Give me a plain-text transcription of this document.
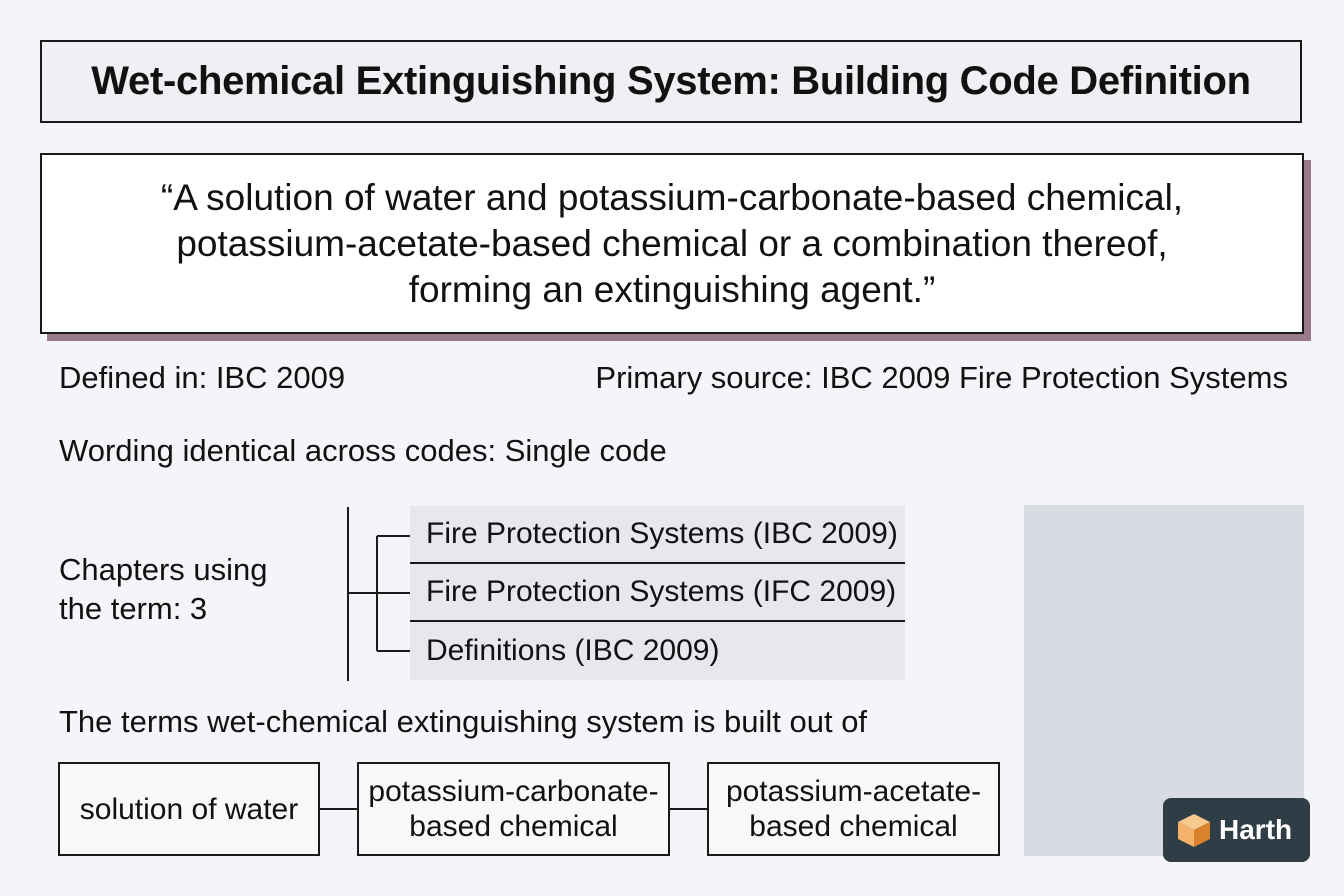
Wet-chemical Extinguishing System: Building Code Definition
“A solution of water and potassium-carbonate-based chemical, potassium-acetate-based chemical or a combination thereof, forming an extinguishing agent.”
Defined in: IBC 2009	Primary source: IBC 2009 Fire Protection Systems
Wording identical across codes: Single code
Chapters using
the term: 3
Fire Protection Systems (IBC 2009)
Fire Protection Systems (IFC 2009)
Definitions (IBC 2009)
The terms wet-chemical extinguishing system is built out of
solution of water
potassium-carbonate-
based chemical
potassium-acetate-
based chemical	Harth
